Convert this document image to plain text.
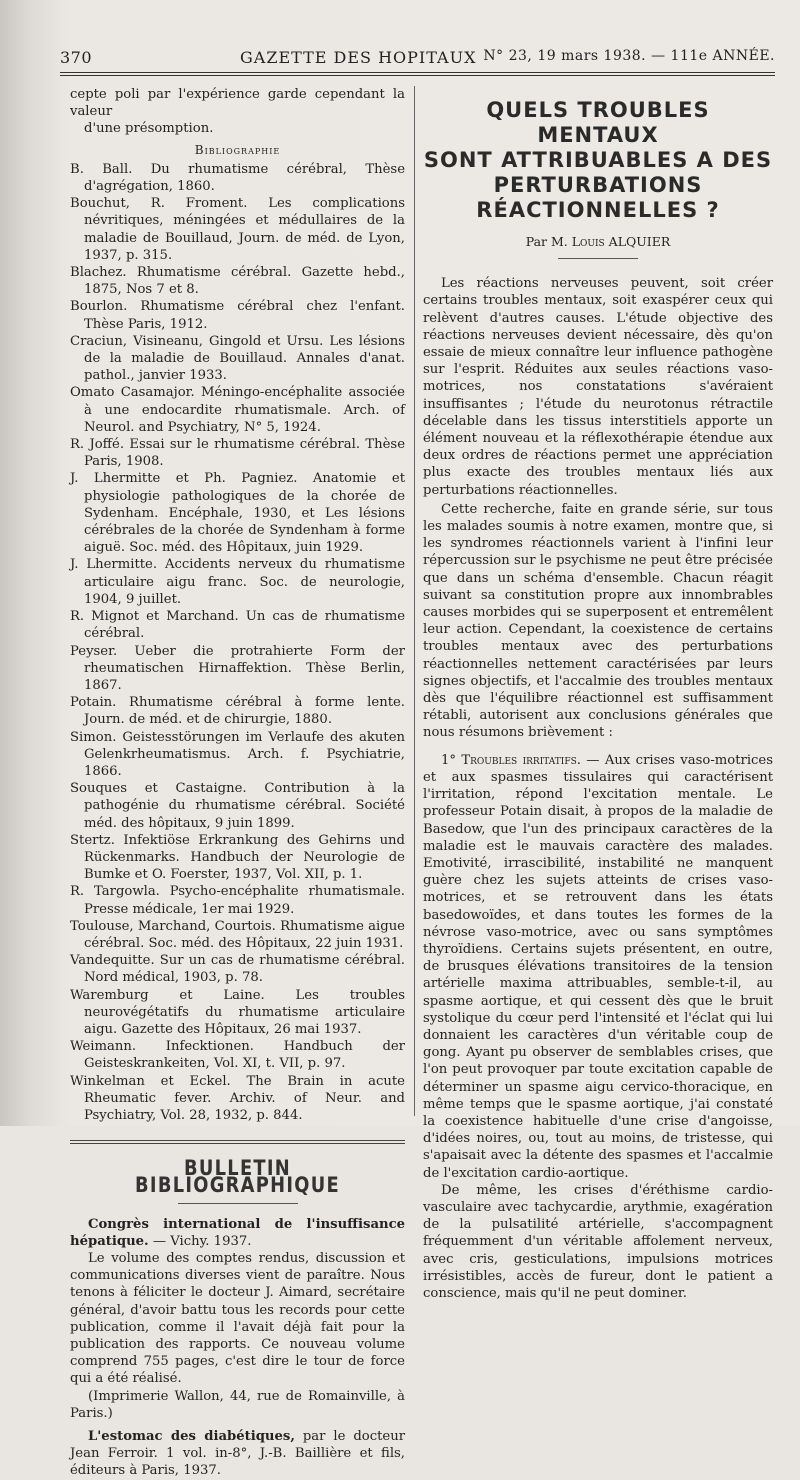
370	GAZETTE DES HOPITAUX N° 23, 19 mars 1938. — 111e ANNÉE.

cepte poli par l'expérience garde cependant la valeur

d'une présomption.

Bibliographie

B. Ball. Du rhumatisme cérébral, Thèse d'agrégation, 1860.

Bouchut, R. Froment. Les complications névritiques, méningées et médullaires de la maladie de Bouillaud, Journ. de méd. de Lyon, 1937, p. 315.

Blachez. Rhumatisme cérébral. Gazette hebd., 1875, Nos 7 et 8.

Bourlon. Rhumatisme cérébral chez l'enfant. Thèse Paris, 1912.

Craciun, Visineanu, Gingold et Ursu. Les lésions de la maladie de Bouillaud. Annales d'anat. pathol., janvier 1933.

Omato Casamajor. Méningo-encéphalite associée à une endocardite rhumatismale. Arch. of Neurol. and Psychiatry, N° 5, 1924.

R. Joffé. Essai sur le rhumatisme cérébral. Thèse Paris, 1908.

J. Lhermitte et Ph. Pagniez. Anatomie et physiologie pathologiques de la chorée de Sydenham. Encéphale, 1930, et Les lésions cérébrales de la chorée de Syndenham à forme aiguë. Soc. méd. des Hôpitaux, juin 1929.

J. Lhermitte. Accidents nerveux du rhumatisme articulaire aigu franc. Soc. de neurologie, 1904, 9 juillet.

R. Mignot et Marchand. Un cas de rhumatisme cérébral.

Peyser. Ueber die protrahierte Form der rheumatischen Hirnaffektion. Thèse Berlin, 1867.

Potain. Rhumatisme cérébral à forme lente. Journ. de méd. et de chirurgie, 1880.

Simon. Geistesstörungen im Verlaufe des akuten Gelenkrheumatismus. Arch. f. Psychiatrie, 1866.

Souques et Castaigne. Contribution à la pathogénie du rhumatisme cérébral. Société méd. des hôpitaux, 9 juin 1899.

Stertz. Infektiöse Erkrankung des Gehirns und Rückenmarks. Handbuch der Neurologie de Bumke et O. Foerster, 1937, Vol. XII, p. 1.

R. Targowla. Psycho-encéphalite rhumatismale. Presse médicale, 1er mai 1929.

Toulouse, Marchand, Courtois. Rhumatisme aigue cérébral. Soc. méd. des Hôpitaux, 22 juin 1931.

Vandequitte. Sur un cas de rhumatisme cérébral. Nord médical, 1903, p. 78.

Waremburg et Laine. Les troubles neurovégétatifs du rhumatisme articulaire aigu. Gazette des Hôpitaux, 26 mai 1937.

Weimann. Infecktionen. Handbuch der Geisteskrankeiten, Vol. XI, t. VII, p. 97.

Winkelman et Eckel. The Brain in acute Rheumatic fever. Archiv. of Neur. and Psychiatry, Vol. 28, 1932, p. 844.

BULLETIN BIBLIOGRAPHIQUE

Congrès international de l'insuffisance hépatique. — Vichy. 1937.

Le volume des comptes rendus, discussion et communications diverses vient de paraître. Nous tenons à féliciter le docteur J. Aimard, secrétaire général, d'avoir battu tous les records pour cette publication, comme il l'avait déjà fait pour la publication des rapports. Ce nouveau volume comprend 755 pages, c'est dire le tour de force qui a été réalisé.

(Imprimerie Wallon, 44, rue de Romainville, à Paris.)

L'estomac des diabétiques, par le docteur Jean Ferroir. 1 vol. in-8°, J.-B. Baillière et fils, éditeurs à Paris, 1937.

QUELS TROUBLES MENTAUX
SONT ATTRIBUABLES A DES
PERTURBATIONS RÉACTIONNELLES ?
Par M. Louis ALQUIER

Les réactions nerveuses peuvent, soit créer certains troubles mentaux, soit exaspérer ceux qui relèvent d'autres causes. L'étude objective des réactions nerveuses devient nécessaire, dès qu'on essaie de mieux connaître leur influence pathogène sur l'esprit. Réduites aux seules réactions vaso-motrices, nos constatations s'avéraient insuffisantes ; l'étude du neurotonus rétractile décelable dans les tissus interstitiels apporte un élément nouveau et la réflexothérapie étendue aux deux ordres de réactions permet une appréciation plus exacte des troubles mentaux liés aux perturbations réactionnelles.

Cette recherche, faite en grande série, sur tous les malades soumis à notre examen, montre que, si les syndromes réactionnels varient à l'infini leur répercussion sur le psychisme ne peut être précisée que dans un schéma d'ensemble. Chacun réagit suivant sa constitution propre aux innombrables causes morbides qui se superposent et entremêlent leur action. Cependant, la coexistence de certains troubles mentaux avec des perturbations réactionnelles nettement caractérisées par leurs signes objectifs, et l'accalmie des troubles mentaux dès que l'équilibre réactionnel est suffisamment rétabli, autorisent aux conclusions générales que nous résumons brièvement :

1° Troubles irritatifs. — Aux crises vaso-motrices et aux spasmes tissulaires qui caractérisent l'irritation, répond l'excitation mentale. Le professeur Potain disait, à propos de la maladie de Basedow, que l'un des principaux caractères de la maladie est le mauvais caractère des malades. Emotivité, irrascibilité, instabilité ne manquent guère chez les sujets atteints de crises vaso-motrices, et se retrouvent dans les états basedowoïdes, et dans toutes les formes de la névrose vaso-motrice, avec ou sans symptômes thyroïdiens. Certains sujets présentent, en outre, de brusques élévations transitoires de la tension artérielle maxima attribuables, semble-t-il, au spasme aortique, et qui cessent dès que le bruit systolique du cœur perd l'intensité et l'éclat qui lui donnaient les caractères d'un véritable coup de gong. Ayant pu observer de semblables crises, que l'on peut provoquer par toute excitation capable de déterminer un spasme aigu cervico-thoracique, en même temps que le spasme aortique, j'ai constaté la coexistence habituelle d'une crise d'angoisse, d'idées noires, ou, tout au moins, de tristesse, qui s'apaisait avec la détente des spasmes et l'accalmie de l'excitation cardio-aortique.

De même, les crises d'éréthisme cardio-vasculaire avec tachycardie, arythmie, exagération de la pulsatilité artérielle, s'accompagnent fréquemment d'un véritable affolement nerveux, avec cris, gesticulations, impulsions motrices irrésistibles, accès de fureur, dont le patient a conscience, mais qu'il ne peut dominer.
